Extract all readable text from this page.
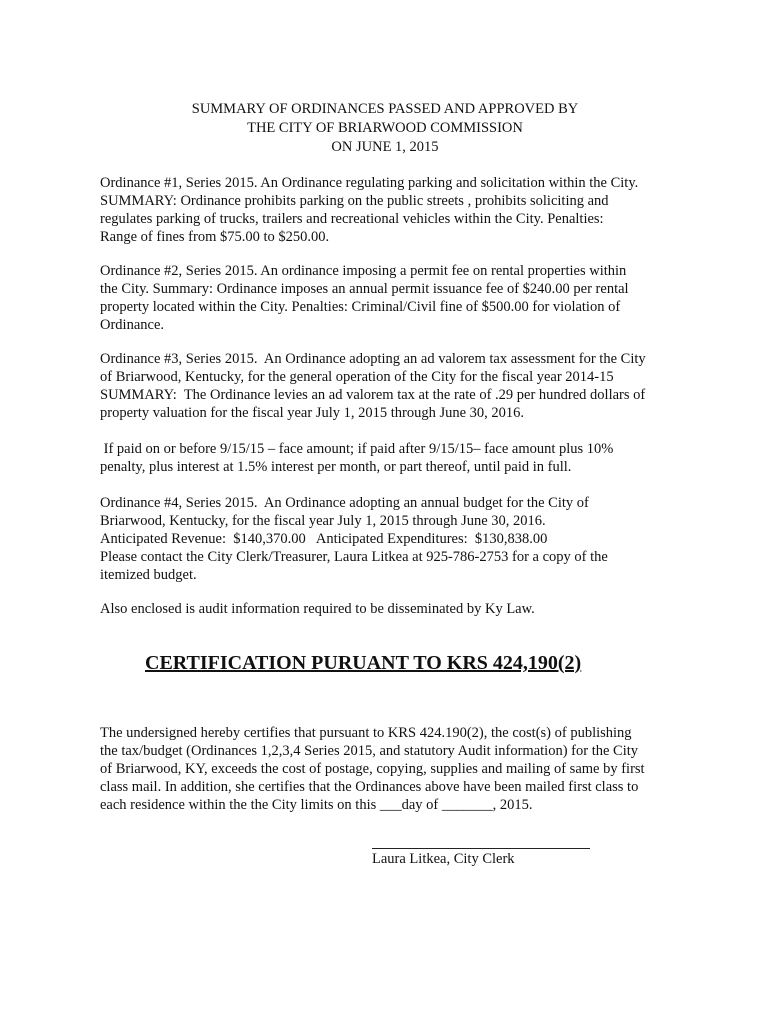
SUMMARY OF ORDINANCES PASSED AND APPROVED BY
THE CITY OF BRIARWOOD COMMISSION
ON JUNE 1, 2015
Ordinance #1, Series 2015. An Ordinance regulating parking and solicitation within the City.
SUMMARY: Ordinance prohibits parking on the public streets , prohibits soliciting and
regulates parking of trucks, trailers and recreational vehicles within the City. Penalties:
Range of fines from $75.00 to $250.00.
Ordinance #2, Series 2015. An ordinance imposing a permit fee on rental properties within
the City. Summary: Ordinance imposes an annual permit issuance fee of $240.00 per rental
property located within the City. Penalties: Criminal/Civil fine of $500.00 for violation of
Ordinance.
Ordinance #3, Series 2015.  An Ordinance adopting an ad valorem tax assessment for the City
of Briarwood, Kentucky, for the general operation of the City for the fiscal year 2014-15
SUMMARY:  The Ordinance levies an ad valorem tax at the rate of .29 per hundred dollars of
property valuation for the fiscal year July 1, 2015 through June 30, 2016.
If paid on or before 9/15/15 – face amount; if paid after 9/15/15– face amount plus 10%
penalty, plus interest at 1.5% interest per month, or part thereof, until paid in full.
Ordinance #4, Series 2015.  An Ordinance adopting an annual budget for the City of
Briarwood, Kentucky, for the fiscal year July 1, 2015 through June 30, 2016.
Anticipated Revenue:  $140,370.00   Anticipated Expenditures:  $130,838.00
Please contact the City Clerk/Treasurer, Laura Litkea at 925-786-2753 for a copy of the
itemized budget.
Also enclosed is audit information required to be disseminated by Ky Law.
CERTIFICATION PURUANT TO KRS 424,190(2)
The undersigned hereby certifies that pursuant to KRS 424.190(2), the cost(s) of publishing
the tax/budget (Ordinances 1,2,3,4 Series 2015, and statutory Audit information) for the City
of Briarwood, KY, exceeds the cost of postage, copying, supplies and mailing of same by first
class mail. In addition, she certifies that the Ordinances above have been mailed first class to
each residence within the the City limits on this ___day of _______, 2015.
Laura Litkea, City Clerk
